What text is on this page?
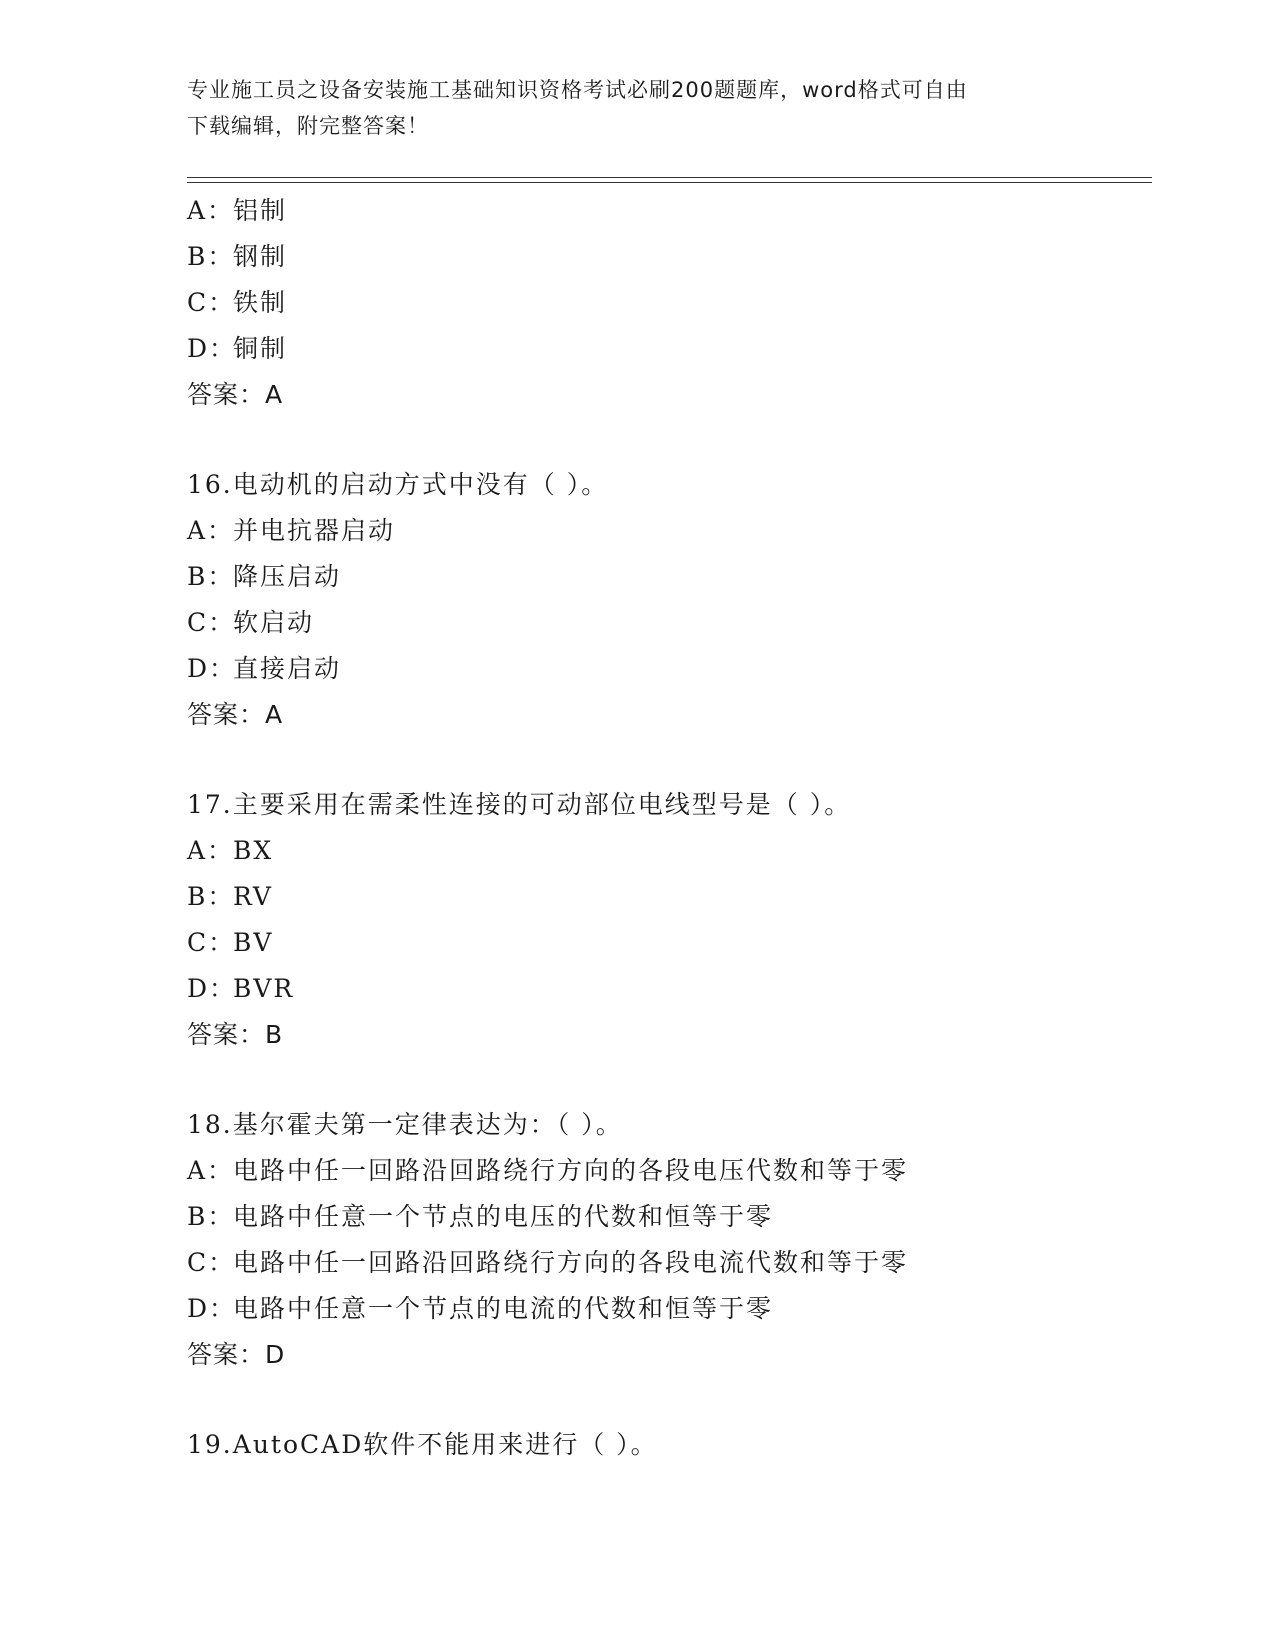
专业施工员之设备安装施工基础知识资格考试必刷200题题库，word格式可自由
下载编辑，附完整答案！
A：铝制
B：钢制
C：铁制
D：铜制
答案：A
16.电动机的启动方式中没有（ ）。
A：并电抗器启动
B：降压启动
C：软启动
D：直接启动
答案：A
17.主要采用在需柔性连接的可动部位电线型号是（ ）。
A：BX
B：RV
C：BV
D：BVR
答案：B
18.基尔霍夫第一定律表达为：（ ）。
A：电路中任一回路沿回路绕行方向的各段电压代数和等于零
B：电路中任意一个节点的电压的代数和恒等于零
C：电路中任一回路沿回路绕行方向的各段电流代数和等于零
D：电路中任意一个节点的电流的代数和恒等于零
答案：D
19.AutoCAD软件不能用来进行（ ）。
